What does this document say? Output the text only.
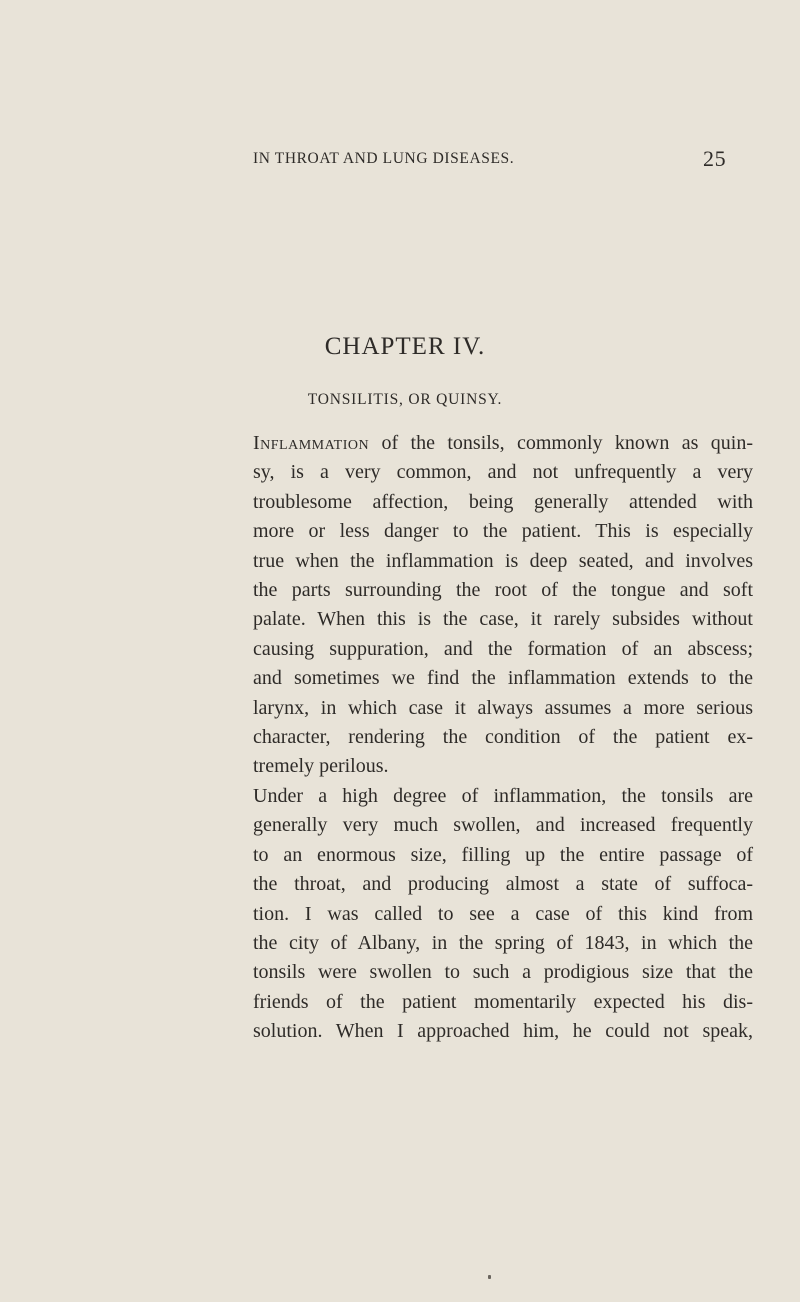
IN THROAT AND LUNG DISEASES.	25
CHAPTER IV.
TONSILITIS, OR QUINSY.

Inflammation of the tonsils, commonly known as quin-
sy, is a very common, and not unfrequently a very
troublesome affection, being generally attended with
more or less danger to the patient. This is especially
true when the inflammation is deep seated, and involves
the parts surrounding the root of the tongue and soft
palate. When this is the case, it rarely subsides without
causing suppuration, and the formation of an abscess;
and sometimes we find the inflammation extends to the
larynx, in which case it always assumes a more serious
character, rendering the condition of the patient ex-
tremely perilous.

Under a high degree of inflammation, the tonsils are
generally very much swollen, and increased frequently
to an enormous size, filling up the entire passage of
the throat, and producing almost a state of suffoca-
tion. I was called to see a case of this kind from
the city of Albany, in the spring of 1843, in which the
tonsils were swollen to such a prodigious size that the
friends of the patient momentarily expected his dis-
solution. When I approached him, he could not speak,
